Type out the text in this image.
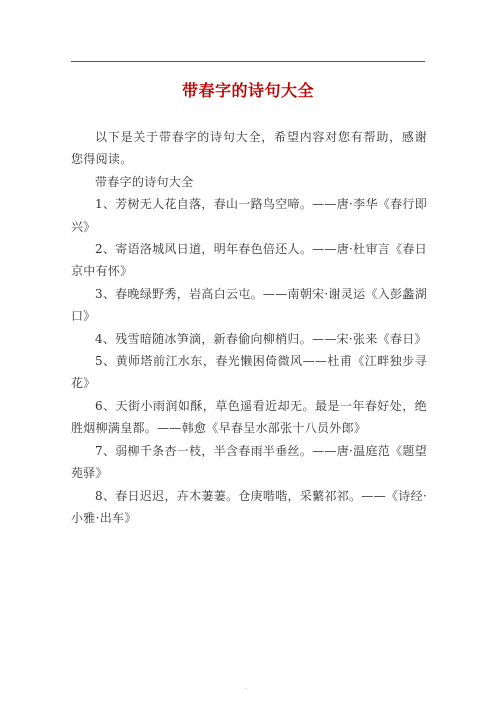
带春字的诗句大全

以下是关于带春字的诗句大全，希望内容对您有帮助，感谢您得阅读。

带春字的诗句大全

1、芳树无人花自落，春山一路鸟空啼。——唐·李华《春行即兴》

2、寄语洛城风日道，明年春色倍还人。——唐·杜审言《春日京中有怀》

3、春晚绿野秀，岩高白云屯。——南朝宋·谢灵运《入彭蠡湖口》

4、残雪暗随冰笋滴，新春偷向柳梢归。——宋·张来《春日》

5、黄师塔前江水东，春光懒困倚微风——杜甫《江畔独步寻花》

6、天街小雨润如酥，草色遥看近却无。最是一年春好处，绝胜烟柳满皇都。——韩愈《早春呈水部张十八员外郎》

7、弱柳千条杏一枝，半含春雨半垂丝。——唐·温庭范《题望苑驿》

8、春日迟迟，卉木萋萋。仓庚喈喈，采蘩祁祁。——《诗经·小雅·出车》

.
